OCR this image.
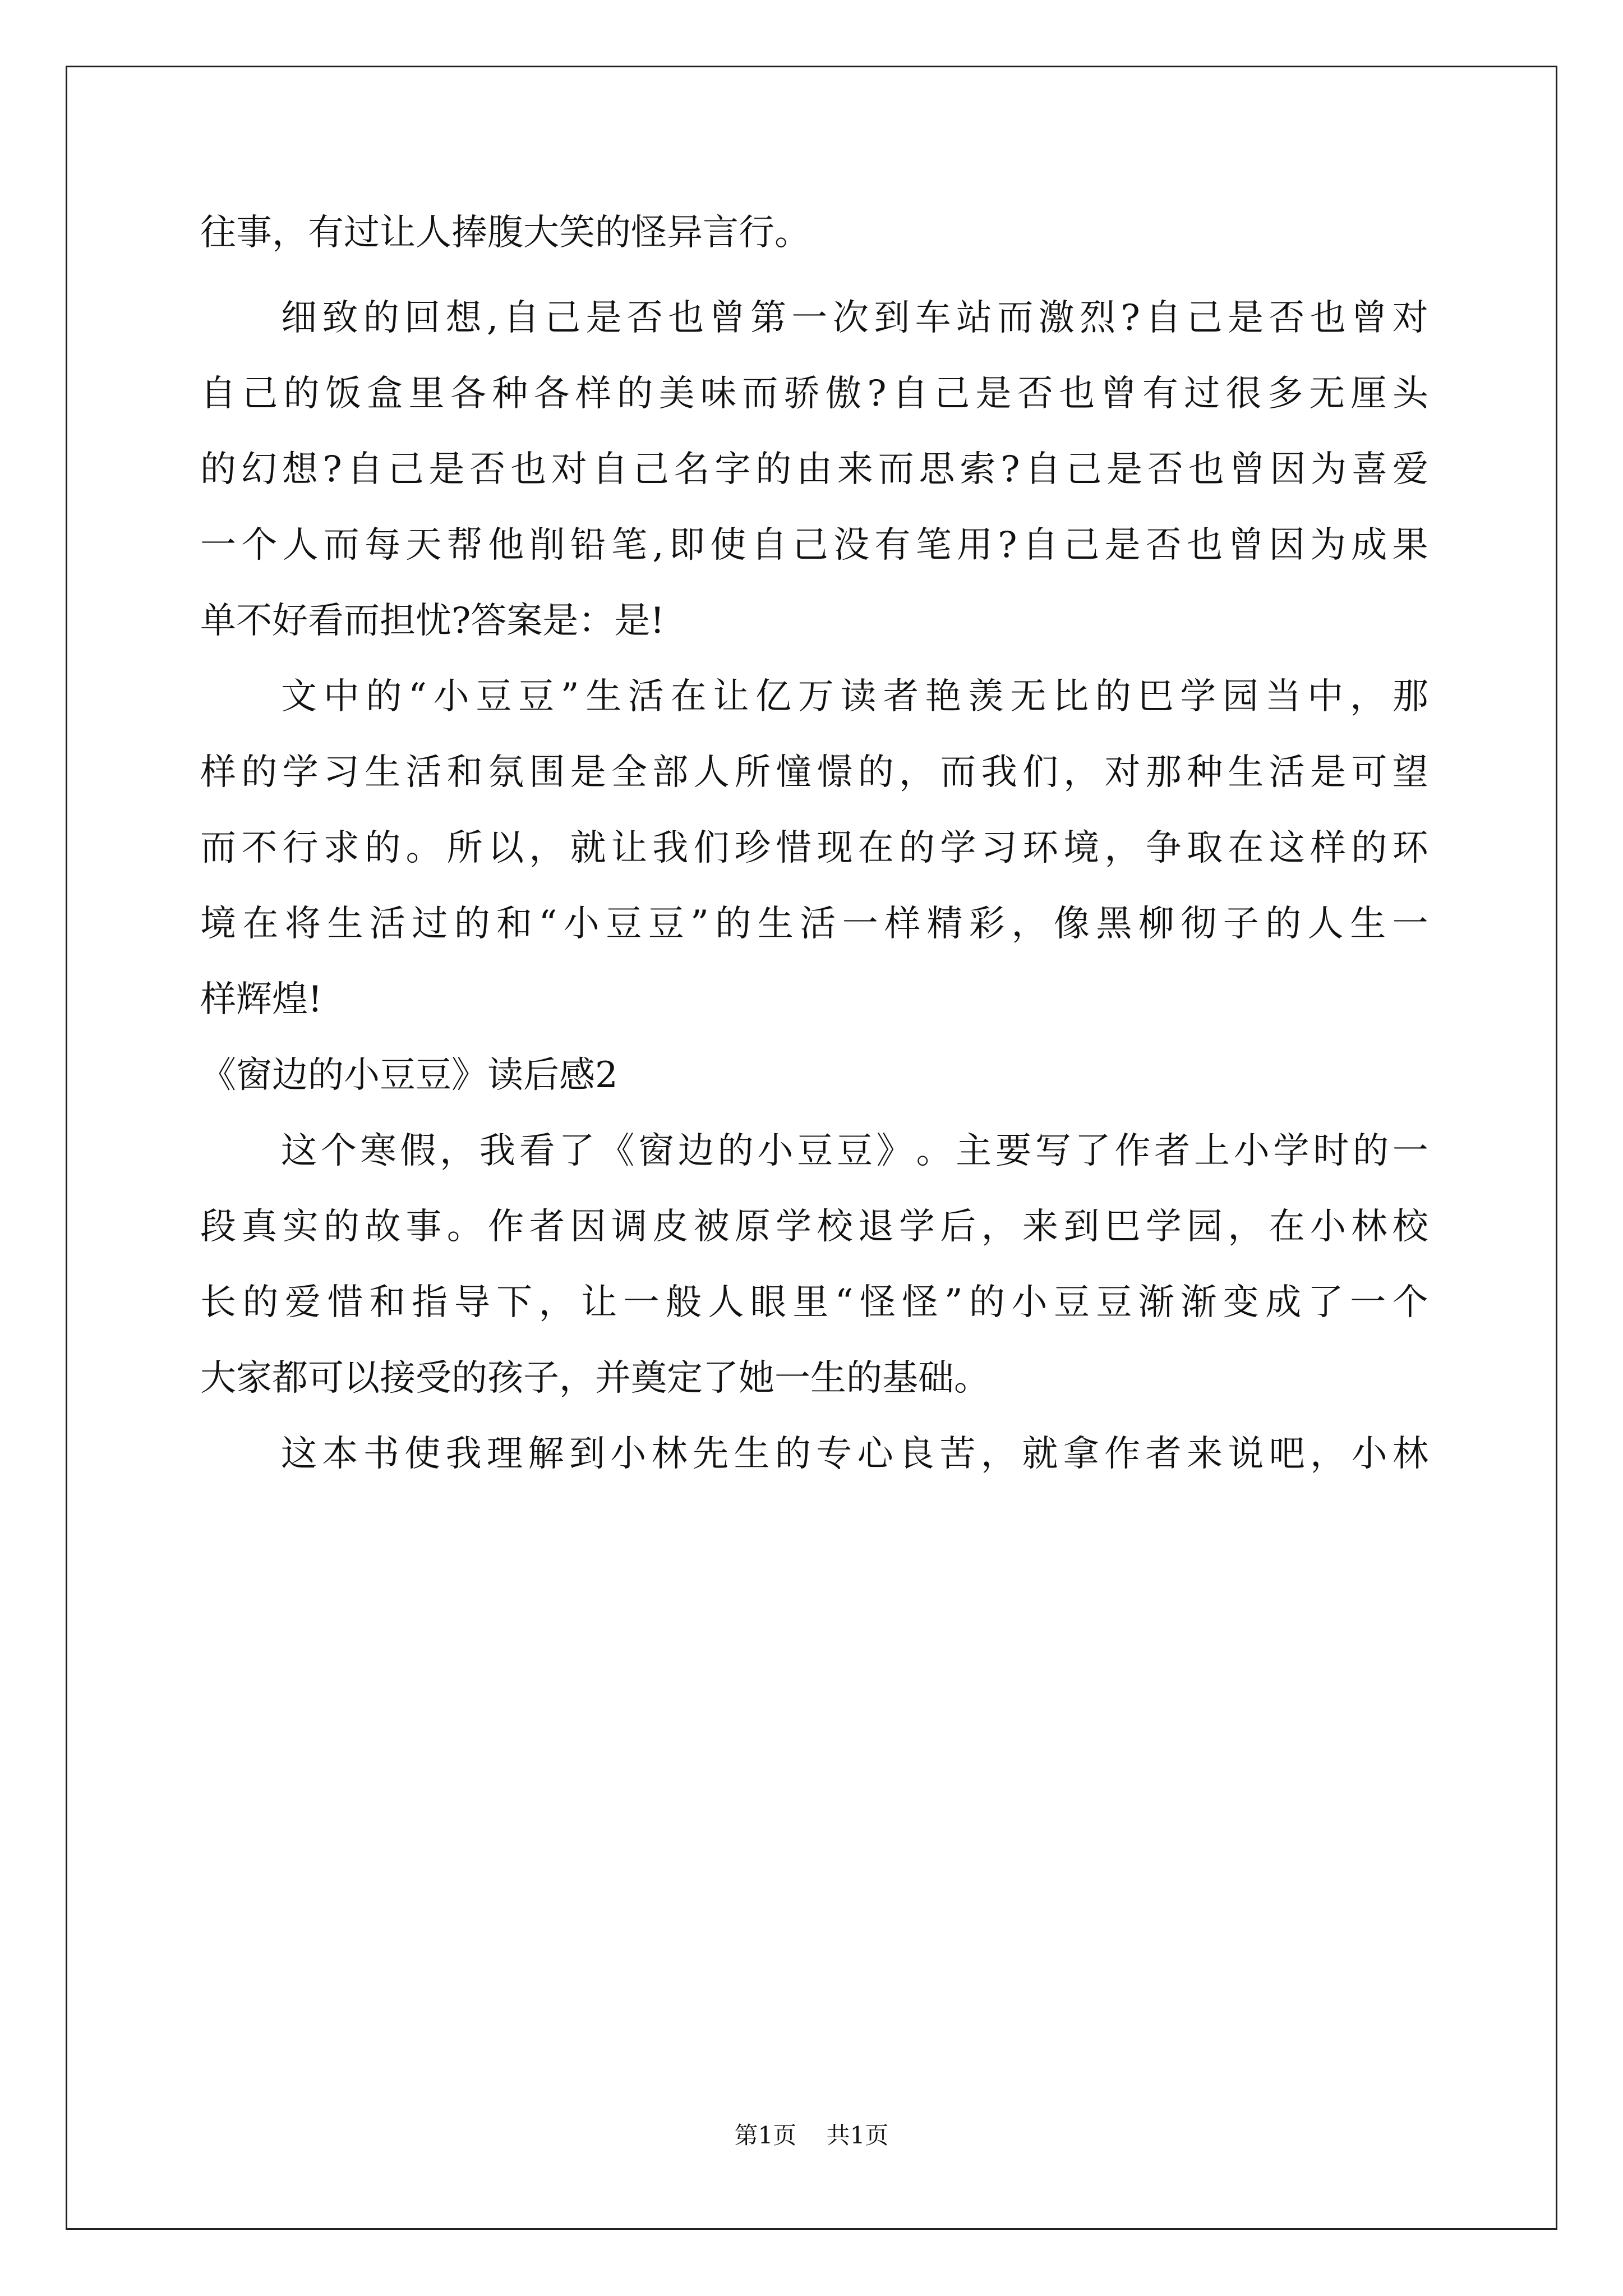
往事，有过让人捧腹大笑的怪异言行。
细 致 的 回 想 , 自 己 是 否 也 曾 第 一 次 到 车 站 而 激 烈 ? 自 己 是 否 也 曾 对
自 己 的 饭 盒 里 各 种 各 样 的 美 味 而 骄 傲 ? 自 己 是 否 也 曾 有 过 很 多 无 厘 头
的 幻 想 ? 自 己 是 否 也 对 自 己 名 字 的 由 来 而 思 索 ? 自 己 是 否 也 曾 因 为 喜 爱
一 个 人 而 每 天 帮 他 削 铅 笔 , 即 使 自 己 没 有 笔 用 ? 自 己 是 否 也 曾 因 为 成 果
单不好看而担忧?答案是：是!
文 中 的 “ 小 豆 豆 ” 生 活 在 让 亿 万 读 者 艳 羡 无 比 的 巴 学 园 当 中 ， 那
样 的 学 习 生 活 和 氛 围 是 全 部 人 所 憧 憬 的 ， 而 我 们 ， 对 那 种 生 活 是 可 望
而 不 行 求 的 。 所 以 ， 就 让 我 们 珍 惜 现 在 的 学 习 环 境 ， 争 取 在 这 样 的 环
境 在 将 生 活 过 的 和 “ 小 豆 豆 ” 的 生 活 一 样 精 彩 ， 像 黑 柳 彻 子 的 人 生 一
样辉煌!
《窗边的小豆豆》读后感2
这 个 寒 假 ， 我 看 了 《 窗 边 的 小 豆 豆 》 。 主 要 写 了 作 者 上 小 学 时 的 一
段 真 实 的 故 事 。 作 者 因 调 皮 被 原 学 校 退 学 后 ， 来 到 巴 学 园 ， 在 小 林 校
长 的 爱 惜 和 指 导 下 ， 让 一 般 人 眼 里 “ 怪 怪 ” 的 小 豆 豆 渐 渐 变 成 了 一 个
大家都可以接受的孩子，并奠定了她一生的基础。
这 本 书 使 我 理 解 到 小 林 先 生 的 专 心 良 苦 ， 就 拿 作 者 来 说 吧 ， 小 林
第1页    共1页
